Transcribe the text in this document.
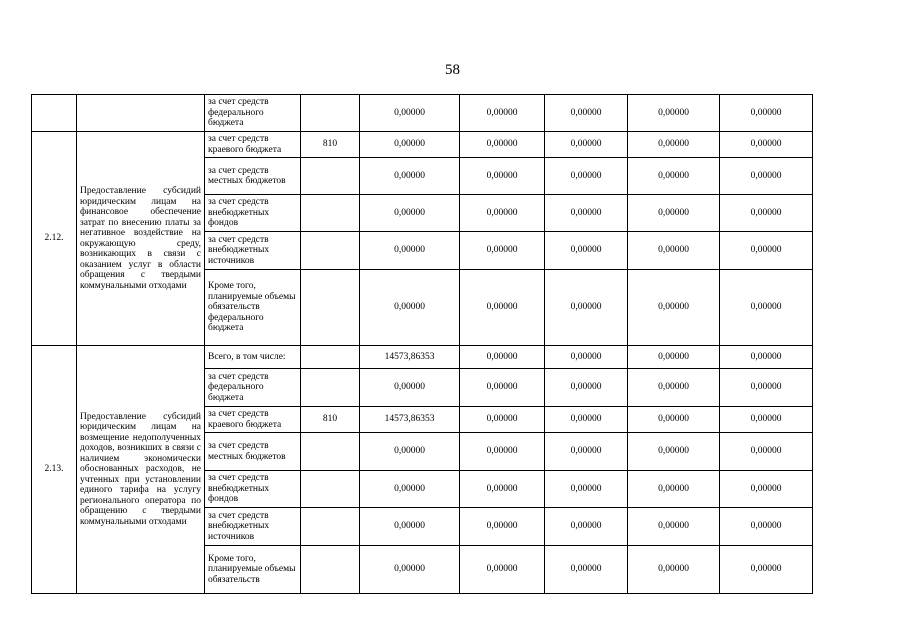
58
		за счет средств федерального бюджета		0,00000	0,00000	0,00000	0,00000	0,00000
2.12.	Предоставление субсидий юридическим лицам на финансовое обеспечение затрат по внесению платы за негативное воздействие на окружающую среду, возникающих в связи с оказанием услуг в области обращения с твердыми коммунальными отходами	за счет средств краевого бюджета	810	0,00000	0,00000	0,00000	0,00000	0,00000
		за счет средств местных бюджетов		0,00000	0,00000	0,00000	0,00000	0,00000
		за счет средств внебюджетных фондов		0,00000	0,00000	0,00000	0,00000	0,00000
		за счет средств внебюджетных источников		0,00000	0,00000	0,00000	0,00000	0,00000
		Кроме того, планируемые объемы обязательств федерального бюджета		0,00000	0,00000	0,00000	0,00000	0,00000
2.13.	Предоставление субсидий юридическим лицам на возмещение недополученных доходов, возникших в связи с наличием экономически обоснованных расходов, не учтенных при установлении единого тарифа на услугу регионального оператора по обращению с твердыми коммунальными отходами	Всего, в том числе:		14573,86353	0,00000	0,00000	0,00000	0,00000
		за счет средств федерального бюджета		0,00000	0,00000	0,00000	0,00000	0,00000
		за счет средств краевого бюджета	810	14573,86353	0,00000	0,00000	0,00000	0,00000
		за счет средств местных бюджетов		0,00000	0,00000	0,00000	0,00000	0,00000
		за счет средств внебюджетных фондов		0,00000	0,00000	0,00000	0,00000	0,00000
		за счет средств внебюджетных источников		0,00000	0,00000	0,00000	0,00000	0,00000
		Кроме того, планируемые объемы обязательств		0,00000	0,00000	0,00000	0,00000	0,00000
